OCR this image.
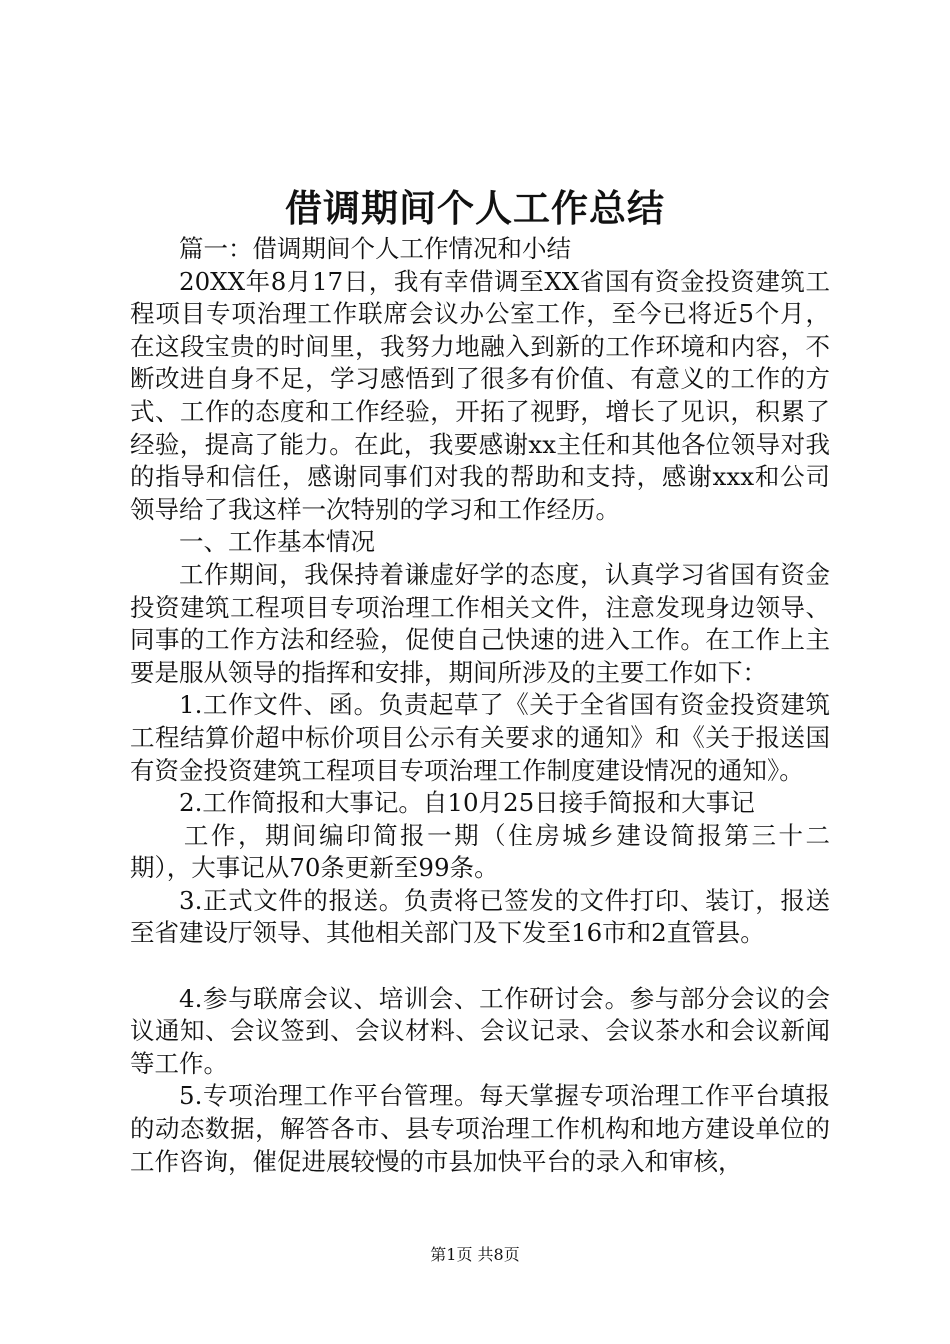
借调期间个人工作总结

篇一：借调期间个人工作情况和小结

20XX年8月17日，我有幸借调至XX省国有资金投资建筑工程项目专项治理工作联席会议办公室工作，至今已将近5个月，在这段宝贵的时间里，我努力地融入到新的工作环境和内容，不断改进自身不足，学习感悟到了很多有价值、有意义的工作的方式、工作的态度和工作经验，开拓了视野，增长了见识，积累了经验，提高了能力。在此，我要感谢xx主任和其他各位领导对我的指导和信任，感谢同事们对我的帮助和支持，感谢xxx和公司领导给了我这样一次特别的学习和工作经历。

一、工作基本情况

工作期间，我保持着谦虚好学的态度，认真学习省国有资金投资建筑工程项目专项治理工作相关文件，注意发现身边领导、同事的工作方法和经验，促使自己快速的进入工作。在工作上主要是服从领导的指挥和安排，期间所涉及的主要工作如下：

1.工作文件、函。负责起草了《关于全省国有资金投资建筑工程结算价超中标价项目公示有关要求的通知》和《关于报送国有资金投资建筑工程项目专项治理工作制度建设情况的通知》。

2.工作简报和大事记。自10月25日接手简报和大事记

工作，期间编印简报一期（住房城乡建设简报第三十二期），大事记从70条更新至99条。

3.正式文件的报送。负责将已签发的文件打印、装订，报送至省建设厅领导、其他相关部门及下发至16市和2直管县。

4.参与联席会议、培训会、工作研讨会。参与部分会议的会议通知、会议签到、会议材料、会议记录、会议茶水和会议新闻等工作。

5.专项治理工作平台管理。每天掌握专项治理工作平台填报的动态数据，解答各市、县专项治理工作机构和地方建设单位的工作咨询，催促进展较慢的市县加快平台的录入和审核，

第1页 共8页
